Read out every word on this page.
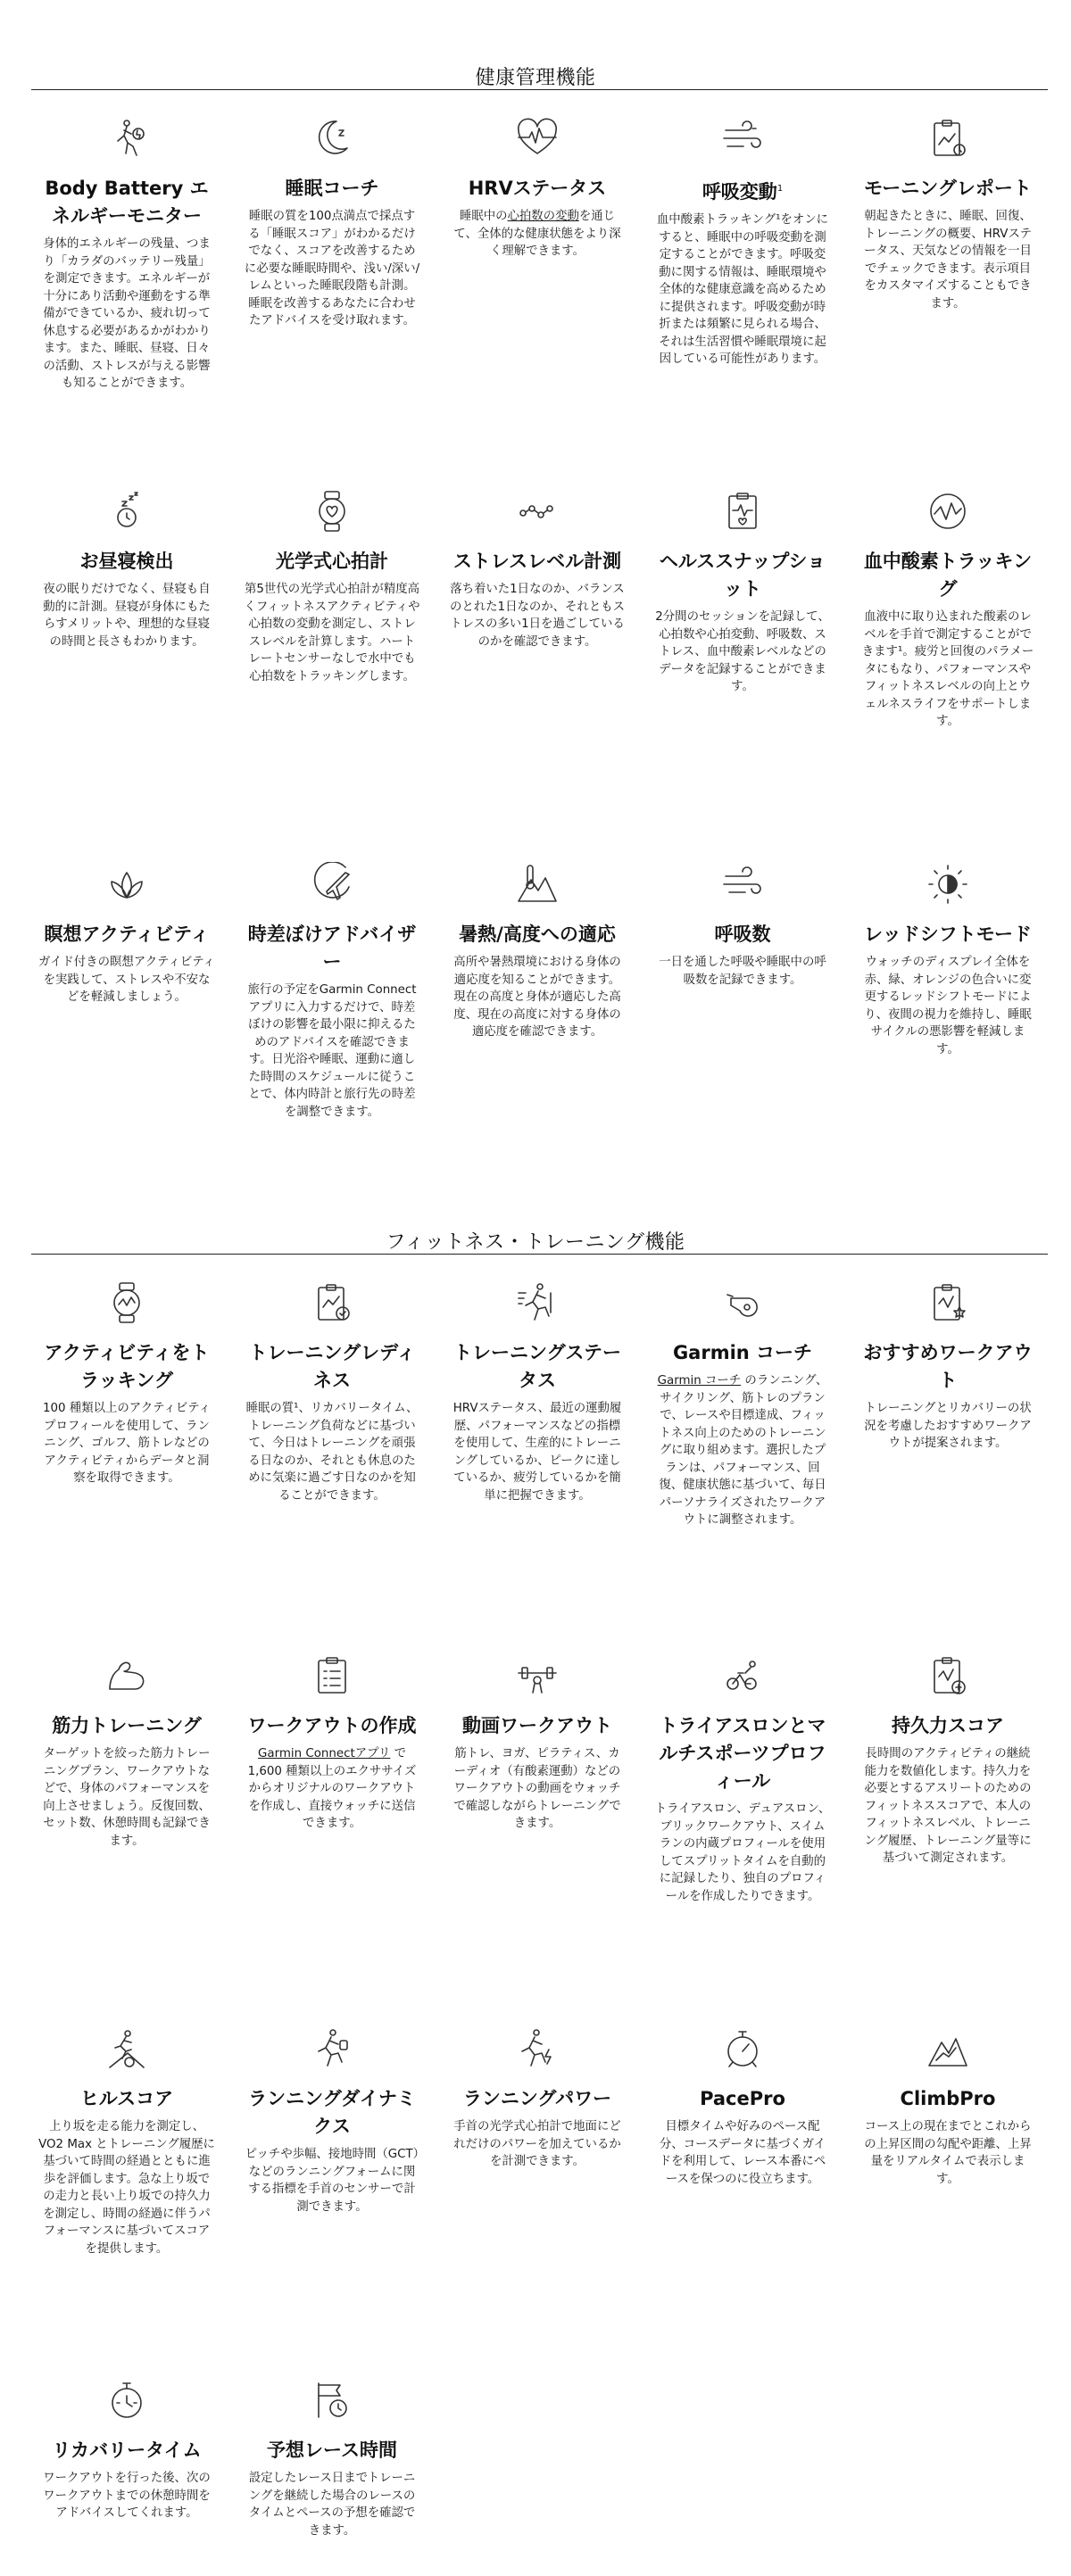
健康管理機能
Body Battery エネルギーモニター
身体的エネルギーの残量、つまり「カラダのバッテリー残量」を測定できます。エネルギーが十分にあり活動や運動をする準備ができているか、疲れ切って休息する必要があるかがわかります。また、睡眠、昼寝、日々の活動、ストレスが与える影響も知ることができます。
睡眠コーチ
睡眠の質を100点満点で採点する「睡眠スコア」がわかるだけでなく、スコアを改善するために必要な睡眠時間や、浅い/深い/レムといった睡眠段階も計測。睡眠を改善するあなたに合わせたアドバイスを受け取れます。
HRVステータス
睡眠中の心拍数の変動を通じて、全体的な健康状態をより深く理解できます。
呼吸変動$^1$
血中酸素トラッキング¹をオンにすると、睡眠中の呼吸変動を測定することができます。呼吸変動に関する情報は、睡眠環境や全体的な健康意識を高めるために提供されます。呼吸変動が時折または頻繁に見られる場合、それは生活習慣や睡眠環境に起因している可能性があります。
モーニングレポート
朝起きたときに、睡眠、回復、トレーニングの概要、HRVステータス、天気などの情報を一目でチェックできます。表示項目をカスタマイズすることもできます。
お昼寝検出
夜の眠りだけでなく、昼寝も自動的に計測。昼寝が身体にもたらすメリットや、理想的な昼寝の時間と長さもわかります。
光学式心拍計
第5世代の光学式心拍計が精度高くフィットネスアクティビティや心拍数の変動を測定し、ストレスレベルを計算します。ハートレートセンサーなしで水中でも心拍数をトラッキングします。
ストレスレベル計測
落ち着いた1日なのか、バランスのとれた1日なのか、それともストレスの多い1日を過ごしているのかを確認できます。
ヘルススナップショット
2分間のセッションを記録して、心拍数や心拍変動、呼吸数、ストレス、血中酸素レベルなどのデータを記録することができます。
血中酸素トラッキング
血液中に取り込まれた酸素のレベルを手首で測定することができます¹。疲労と回復のパラメータにもなり、パフォーマンスやフィットネスレベルの向上とウェルネスライフをサポートします。
瞑想アクティビティ
ガイド付きの瞑想アクティビティを実践して、ストレスや不安などを軽減しましょう。
時差ぼけアドバイザー
旅行の予定をGarmin Connect アプリに入力するだけで、時差ぼけの影響を最小限に抑えるためのアドバイスを確認できます。日光浴や睡眠、運動に適した時間のスケジュールに従うことで、体内時計と旅行先の時差を調整できます。
暑熱/高度への適応
高所や暑熱環境における身体の適応度を知ることができます。現在の高度と身体が適応した高度、現在の高度に対する身体の適応度を確認できます。
呼吸数
一日を通した呼吸や睡眠中の呼吸数を記録できます。
レッドシフトモード
ウォッチのディスプレイ全体を赤、緑、オレンジの色合いに変更するレッドシフトモードにより、夜間の視力を維持し、睡眠サイクルの悪影響を軽減します。
フィットネス・トレーニング機能
アクティビティをトラッキング
100 種類以上のアクティビティプロフィールを使用して、ランニング、ゴルフ、筋トレなどのアクティビティからデータと洞察を取得できます。
トレーニングレディネス
睡眠の質¹、リカバリータイム、トレーニング負荷などに基づいて、今日はトレーニングを頑張る日なのか、それとも休息のために気楽に過ごす日なのかを知ることができます。
トレーニングステータス
HRVステータス、最近の運動履歴、パフォーマンスなどの指標を使用して、生産的にトレーニングしているか、ピークに達しているか、疲労しているかを簡単に把握できます。
Garmin コーチ
Garmin コーチ のランニング、サイクリング、筋トレのプランで、レースや目標達成、フィットネス向上のためのトレーニングに取り組めます。選択したプランは、パフォーマンス、回復、健康状態に基づいて、毎日パーソナライズされたワークアウトに調整されます。
おすすめワークアウト
トレーニングとリカバリーの状況を考慮したおすすめワークアウトが提案されます。
筋力トレーニング
ターゲットを絞った筋力トレーニングプラン、ワークアウトなどで、身体のパフォーマンスを向上させましょう。反復回数、セット数、休憩時間も記録できます。
ワークアウトの作成
Garmin Connectアプリ で 1,600 種類以上のエクササイズからオリジナルのワークアウトを作成し、直接ウォッチに送信できます。
動画ワークアウト
筋トレ、ヨガ、ピラティス、カーディオ（有酸素運動）などのワークアウトの動画をウォッチで確認しながらトレーニングできます。
トライアスロンとマルチスポーツプロフィール
トライアスロン、デュアスロン、ブリックワークアウト、スイムランの内蔵プロフィールを使用してスプリットタイムを自動的に記録したり、独自のプロフィールを作成したりできます。
持久力スコア
長時間のアクティビティの継続能力を数値化します。持久力を必要とするアスリートのためのフィットネススコアで、本人のフィットネスレベル、トレーニング履歴、トレーニング量等に基づいて測定されます。
ヒルスコア
上り坂を走る能力を測定し、VO2 Max とトレーニング履歴に基づいて時間の経過とともに進歩を評価します。急な上り坂での走力と長い上り坂での持久力を測定し、時間の経過に伴うパフォーマンスに基づいてスコアを提供します。
ランニングダイナミクス
ピッチや歩幅、接地時間（GCT）などのランニングフォームに関する指標を手首のセンサーで計測できます。
ランニングパワー
手首の光学式心拍計で地面にどれだけのパワーを加えているかを計測できます。
PacePro
目標タイムや好みのペース配分、コースデータに基づくガイドを利用して、レース本番にペースを保つのに役立ちます。
ClimbPro
コース上の現在までとこれからの上昇区間の勾配や距離、上昇量をリアルタイムで表示します。
リカバリータイム
ワークアウトを行った後、次のワークアウトまでの休憩時間をアドバイスしてくれます。
予想レース時間
設定したレース日までトレーニングを継続した場合のレースのタイムとペースの予想を確認できます。
